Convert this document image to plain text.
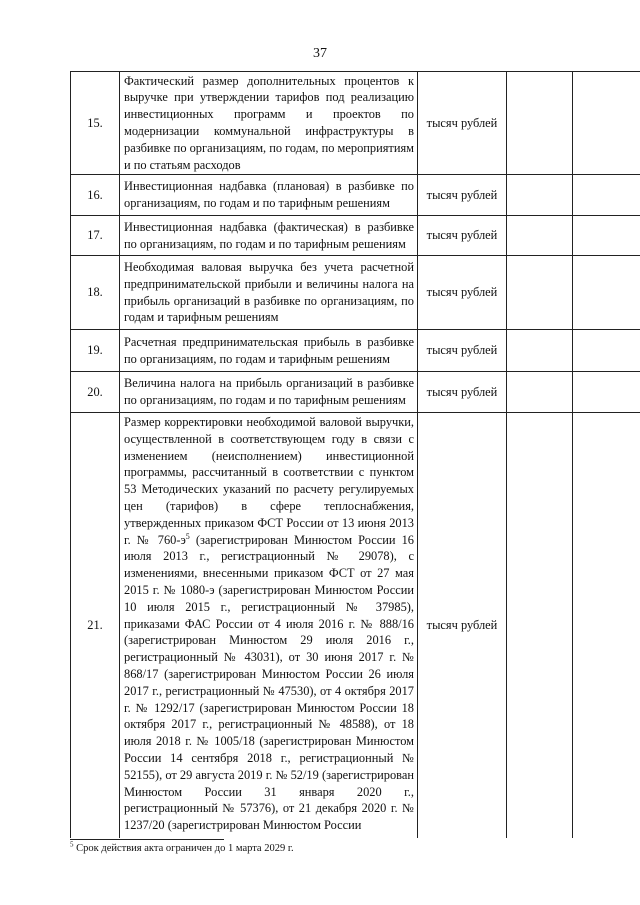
37
15.	Фактический размер дополнительных процентов к выручке при утверждении тарифов под реализацию инвестиционных программ и проектов по модернизации коммунальной инфраструктуры в разбивке по организациям, по годам, по мероприятиям и по статьям расходов	тысяч рублей		
16.	Инвестиционная надбавка (плановая) в разбивке по организациям, по годам и по тарифным решениям	тысяч рублей		
17.	Инвестиционная надбавка (фактическая) в разбивке по организациям, по годам и по тарифным решениям	тысяч рублей		
18.	Необходимая валовая выручка без учета расчетной предпринимательской прибыли и величины налога на прибыль организаций в разбивке по организациям, по годам и тарифным решениям	тысяч рублей		
19.	Расчетная предпринимательская прибыль в разбивке по организациям, по годам и тарифным решениям	тысяч рублей		
20.	Величина налога на прибыль организаций в разбивке по организациям, по годам и по тарифным решениям	тысяч рублей		
21.	Размер корректировки необходимой валовой выручки, осуществленной в соответствующем году в связи с изменением (неисполнением) инвестиционной программы, рассчитанный в соответствии с пунктом 53 Методических указаний по расчету регулируемых цен (тарифов) в сфере теплоснабжения, утвержденных приказом ФСТ России от 13 июня 2013 г. № $760-э^5$ (зарегистрирован Минюстом России 16 июля 2013 г., регистрационный № 29078), с изменениями, внесенными приказом ФСТ от 27 мая 2015 г. № 1080-э (зарегистрирован Минюстом России 10 июля 2015 г., регистрационный № 37985), приказами ФАС России от 4 июля 2016 г. № 888/16 (зарегистрирован Минюстом 29 июля 2016 г., регистрационный № 43031), от 30 июня 2017 г. № 868/17 (зарегистрирован Минюстом России 26 июля 2017 г., регистрационный № 47530), от 4 октября 2017 г. № 1292/17 (зарегистрирован Минюстом России 18 октября 2017 г., регистрационный № 48588), от 18 июля 2018 г. № 1005/18 (зарегистрирован Минюстом России 14 сентября 2018 г., регистрационный № 52155), от 29 августа 2019 г. № 52/19 (зарегистрирован Минюстом России 31 января 2020 г., регистрационный № 57376), от 21 декабря 2020 г. № 1237/20 (зарегистрирован Минюстом России	тысяч рублей		
$^5$ Срок действия акта ограничен до 1 марта 2029 г.
